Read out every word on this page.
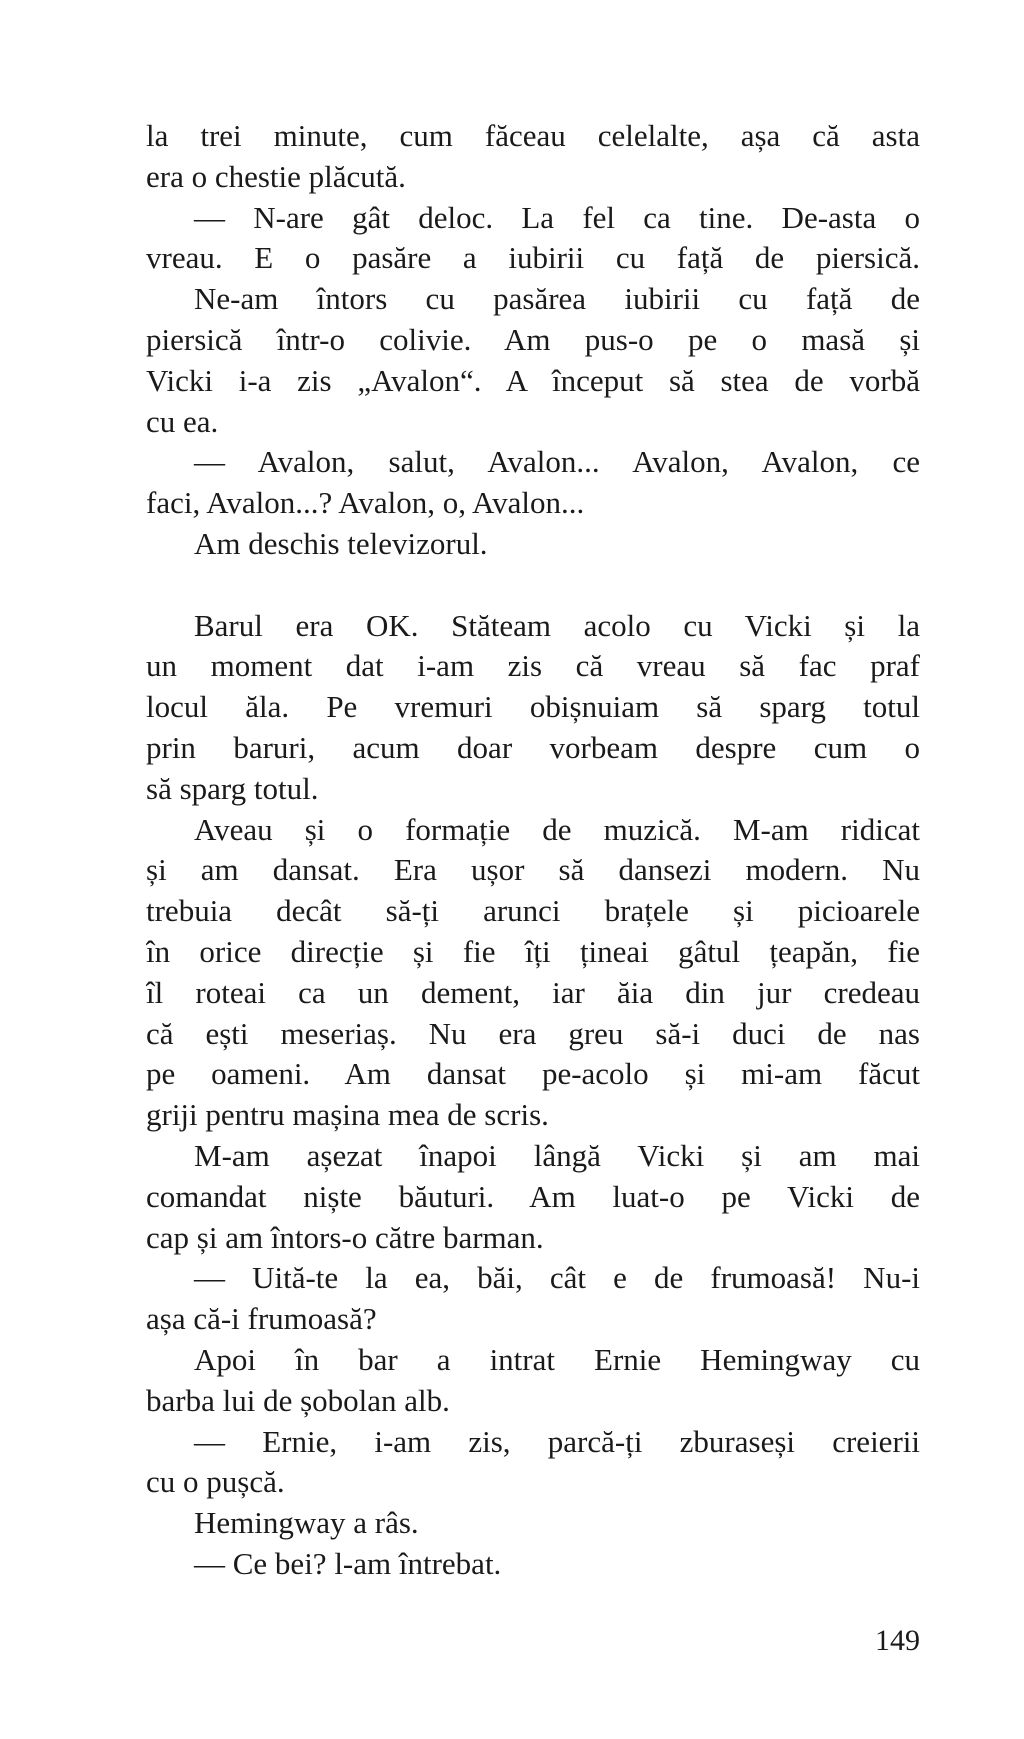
la trei minute, cum făceau celelalte, așa că asta
era o chestie plăcută.
— N-are gât deloc. La fel ca tine. De-asta o
vreau. E o pasăre a iubirii cu față de piersică.
Ne-am întors cu pasărea iubirii cu față de
piersică într-o colivie. Am pus-o pe o masă și
Vicki i-a zis „Avalon“. A început să stea de vorbă
cu ea.
— Avalon, salut, Avalon... Avalon, Avalon, ce
faci, Avalon...? Avalon, o, Avalon...
Am deschis televizorul.
Barul era OK. Stăteam acolo cu Vicki și la
un moment dat i-am zis că vreau să fac praf
locul ăla. Pe vremuri obișnuiam să sparg totul
prin baruri, acum doar vorbeam despre cum o
să sparg totul.
Aveau și o formație de muzică. M-am ridicat
și am dansat. Era ușor să dansezi modern. Nu
trebuia decât să-ți arunci brațele și picioarele
în orice direcție și fie îți țineai gâtul țeapăn, fie
îl roteai ca un dement, iar ăia din jur credeau
că ești meseriaș. Nu era greu să-i duci de nas
pe oameni. Am dansat pe-acolo și mi-am făcut
griji pentru mașina mea de scris.
M-am așezat înapoi lângă Vicki și am mai
comandat niște băuturi. Am luat-o pe Vicki de
cap și am întors-o către barman.
— Uită-te la ea, băi, cât e de frumoasă! Nu-i
așa că-i frumoasă?
Apoi în bar a intrat Ernie Hemingway cu
barba lui de șobolan alb.
— Ernie, i-am zis, parcă-ți zburaseși creierii
cu o pușcă.
Hemingway a râs.
— Ce bei? l-am întrebat.
149
